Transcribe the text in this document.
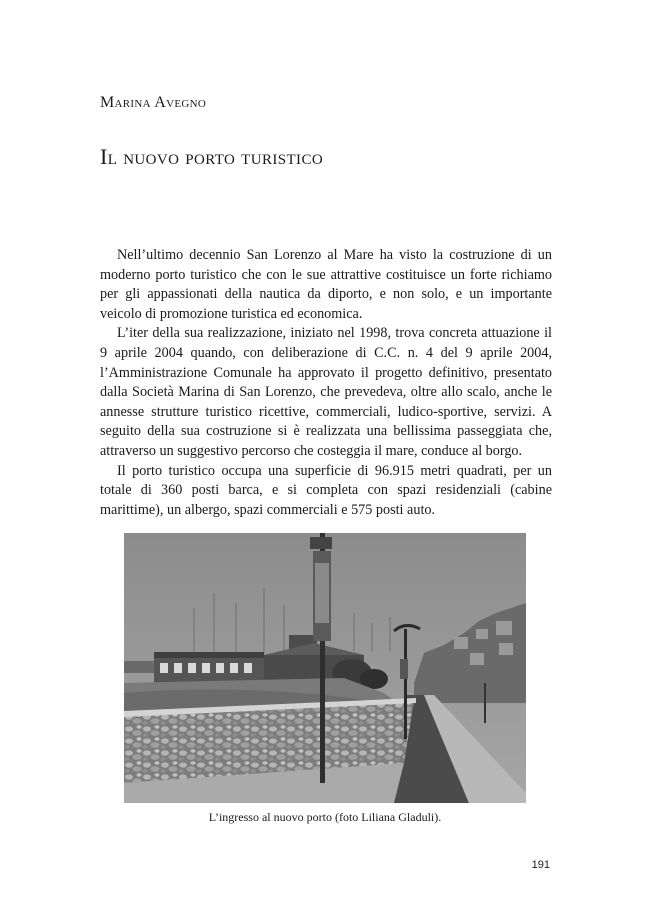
Marina Avegno
Il nuovo porto turistico

Nell’ultimo decennio San Lorenzo al Mare ha visto la costruzione di un moderno porto turistico che con le sue attrattive costituisce un forte richiamo per gli appassionati della nautica da diporto, e non solo, e un importante veicolo di promozione turistica ed economica.

L’iter della sua realizzazione, iniziato nel 1998, trova concreta attuazione il 9 aprile 2004 quando, con deliberazione di C.C. n. 4 del 9 aprile 2004, l’Amministrazione Comunale ha approvato il progetto definitivo, presentato dalla Società Marina di San Lorenzo, che prevedeva, oltre allo scalo, anche le annesse strutture turistico ricettive, commerciali, ludico-sportive, servizi. A seguito della sua costruzione si è realizzata una bellissima passeggiata che, attraverso un suggestivo percorso che costeggia il mare, conduce al borgo.

Il porto turistico occupa una superficie di 96.915 metri quadrati, per un totale di 360 posti barca, e si completa con spazi residenziali (cabine marittime), un albergo, spazi commerciali e 575 posti auto.

L’ingresso al nuovo porto (foto Liliana Gladuli).
191
